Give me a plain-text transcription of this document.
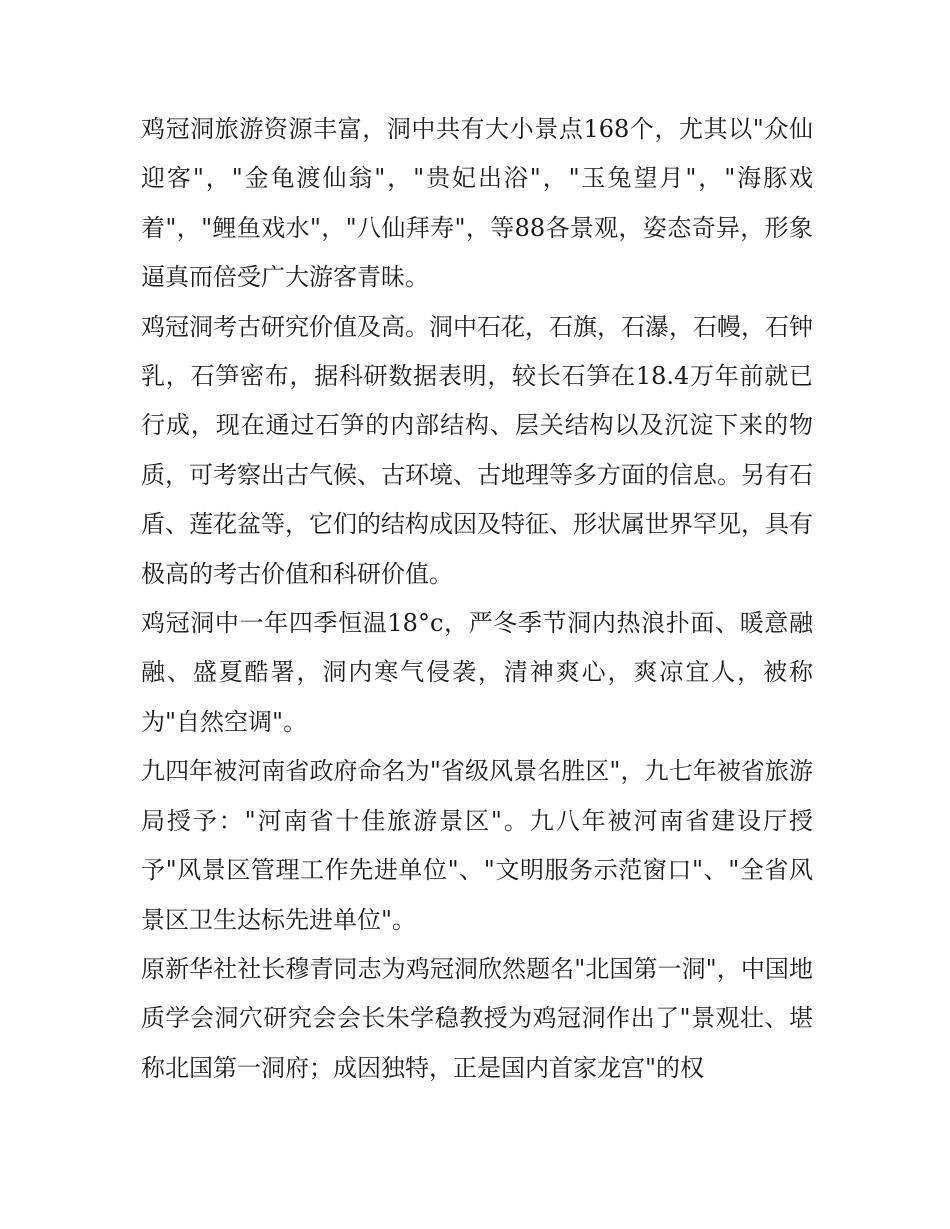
鸡冠洞旅游资源丰富，洞中共有大小景点168个，尤其以"众仙迎客"，"金龟渡仙翁"，"贵妃出浴"，"玉兔望月"，"海豚戏着"，"鲤鱼戏水"，"八仙拜寿"，等88各景观，姿态奇异，形象逼真而倍受广大游客青昧。

鸡冠洞考古研究价值及高。洞中石花，石旗，石瀑，石幔，石钟乳，石笋密布，据科研数据表明，较长石笋在18.4万年前就已行成，现在通过石笋的内部结构、层关结构以及沉淀下来的物质，可考察出古气候、古环境、古地理等多方面的信息。另有石盾、莲花盆等，它们的结构成因及特征、形状属世界罕见，具有极高的考古价值和科研价值。

鸡冠洞中一年四季恒温18°c，严冬季节洞内热浪扑面、暖意融融、盛夏酷署，洞内寒气侵袭，清神爽心，爽凉宜人，被称为"自然空调"。

九四年被河南省政府命名为"省级风景名胜区"，九七年被省旅游局授予："河南省十佳旅游景区"。九八年被河南省建设厅授予"风景区管理工作先进单位"、"文明服务示范窗口"、"全省风景区卫生达标先进单位"。

原新华社社长穆青同志为鸡冠洞欣然题名"北国第一洞"，中国地质学会洞穴研究会会长朱学稳教授为鸡冠洞作出了"景观壮、堪称北国第一洞府；成因独特，正是国内首家龙宫"的权
